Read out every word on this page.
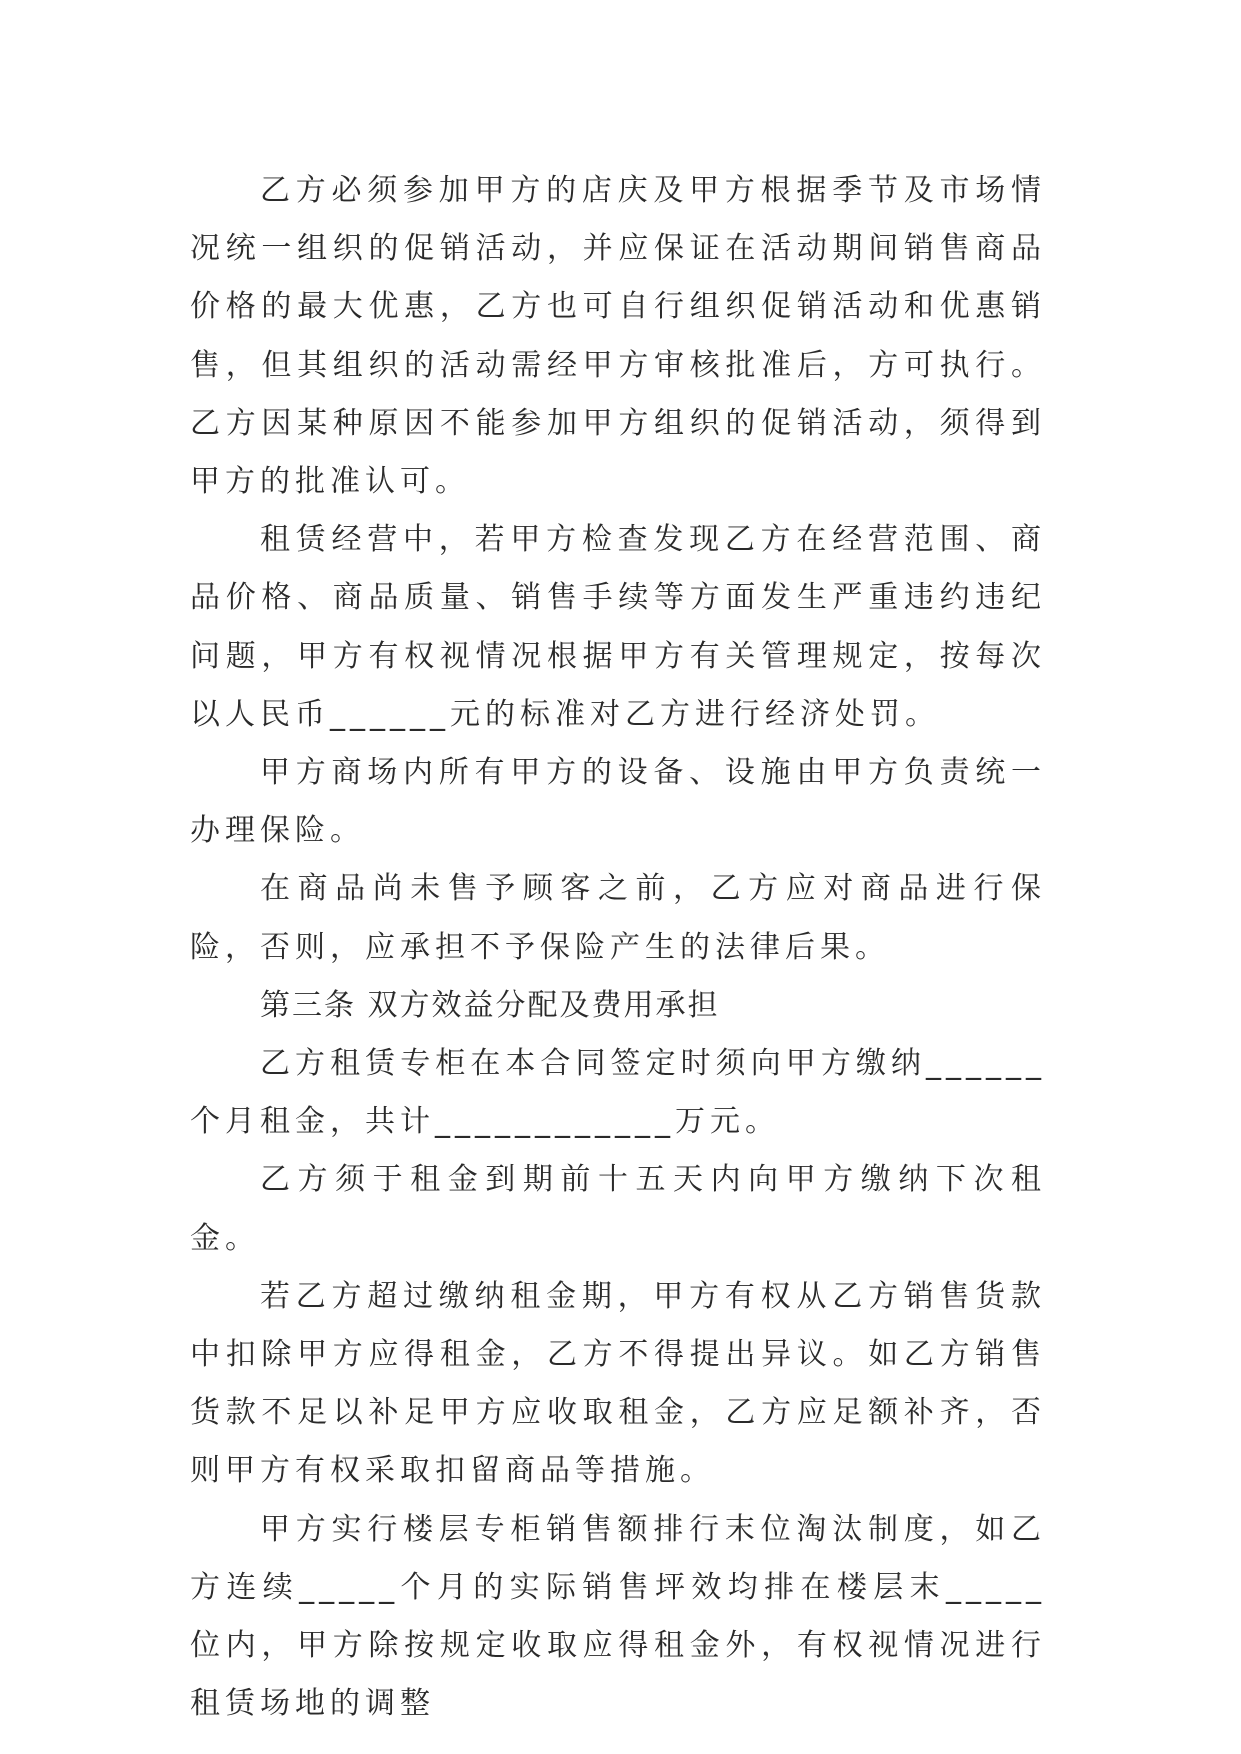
乙方必须参加甲方的店庆及甲方根据季节及市场情况统一组织的促销活动，并应保证在活动期间销售商品价格的最大优惠，乙方也可自行组织促销活动和优惠销售，但其组织的活动需经甲方审核批准后，方可执行。乙方因某种原因不能参加甲方组织的促销活动，须得到甲方的批准认可。

租赁经营中，若甲方检查发现乙方在经营范围、商品价格、商品质量、销售手续等方面发生严重违约违纪问题，甲方有权视情况根据甲方有关管理规定，按每次以人民币______元的标准对乙方进行经济处罚。

甲方商场内所有甲方的设备、设施由甲方负责统一办理保险。

在商品尚未售予顾客之前，乙方应对商品进行保险，否则，应承担不予保险产生的法律后果。

第三条 双方效益分配及费用承担

乙方租赁专柜在本合同签定时须向甲方缴纳______个月租金，共计____________万元。

乙方须于租金到期前十五天内向甲方缴纳下次租金。

若乙方超过缴纳租金期，甲方有权从乙方销售货款中扣除甲方应得租金，乙方不得提出异议。如乙方销售货款不足以补足甲方应收取租金，乙方应足额补齐，否则甲方有权采取扣留商品等措施。

甲方实行楼层专柜销售额排行末位淘汰制度，如乙方连续_____个月的实际销售坪效均排在楼层末_____位内，甲方除按规定收取应得租金外，有权视情况进行租赁场地的调整
